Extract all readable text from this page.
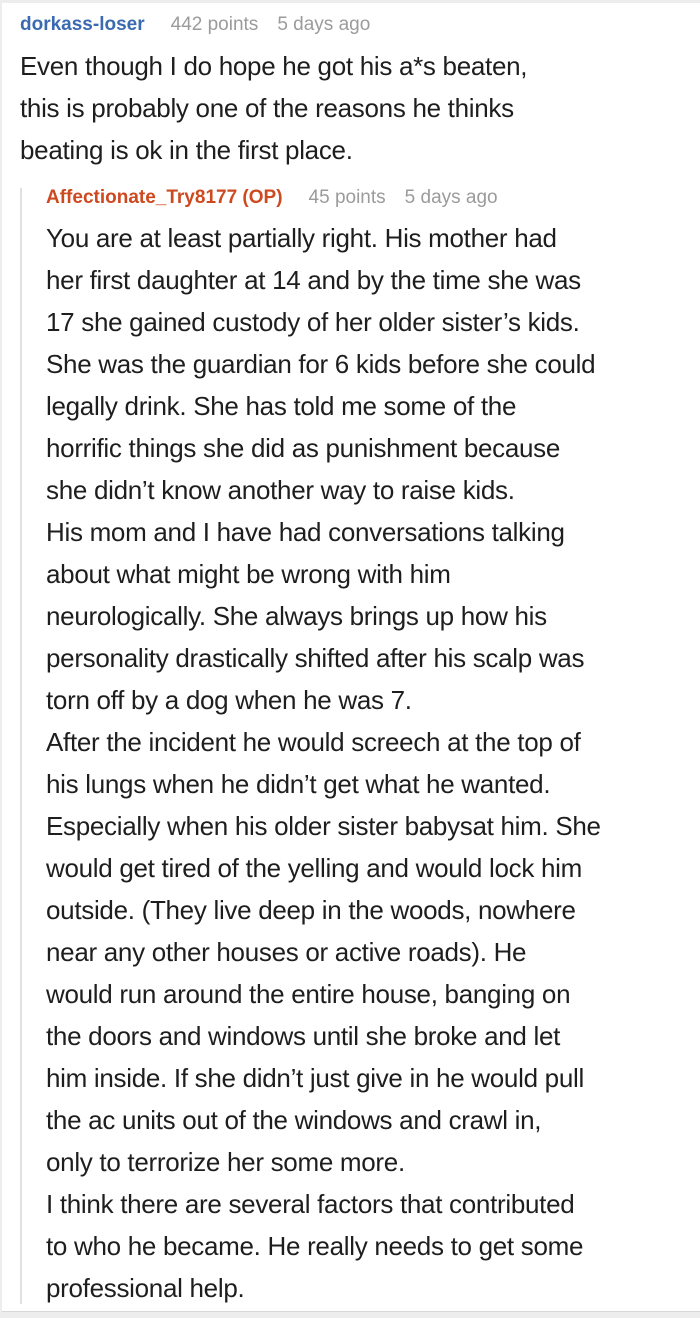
dorkass-loser 442 points 5 days ago
Even though I do hope he got his a*s beaten,
this is probably one of the reasons he thinks
beating is ok in the first place.
Affectionate_Try8177 (OP) 45 points 5 days ago
You are at least partially right. His mother had
her first daughter at 14 and by the time she was
17 she gained custody of her older sister’s kids.
She was the guardian for 6 kids before she could
legally drink. She has told me some of the
horrific things she did as punishment because
she didn’t know another way to raise kids.
His mom and I have had conversations talking
about what might be wrong with him
neurologically. She always brings up how his
personality drastically shifted after his scalp was
torn off by a dog when he was 7.
After the incident he would screech at the top of
his lungs when he didn’t get what he wanted.
Especially when his older sister babysat him. She
would get tired of the yelling and would lock him
outside. (They live deep in the woods, nowhere
near any other houses or active roads). He
would run around the entire house, banging on
the doors and windows until she broke and let
him inside. If she didn’t just give in he would pull
the ac units out of the windows and crawl in,
only to terrorize her some more.
I think there are several factors that contributed
to who he became. He really needs to get some
professional help.
